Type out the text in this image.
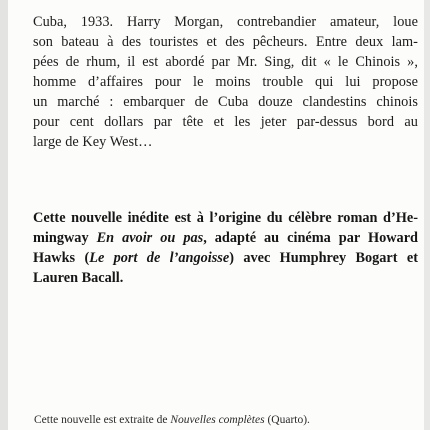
Cuba, 1933. Harry Morgan, contrebandier amateur, loue
son bateau à des touristes et des pêcheurs. Entre deux lam-
pées de rhum, il est abordé par Mr. Sing, dit « le Chinois »,
homme d’affaires pour le moins trouble qui lui propose
un marché : embarquer de Cuba douze clandestins chinois
pour cent dollars par tête et les jeter par-dessus bord au
large de Key West…
Cette nouvelle inédite est à l’origine du célèbre roman d’He-
mingway En avoir ou pas, adapté au cinéma par Howard
Hawks (Le port de l’angoisse) avec Humphrey Bogart et
Lauren Bacall.
Cette nouvelle est extraite de Nouvelles complètes (Quarto).
